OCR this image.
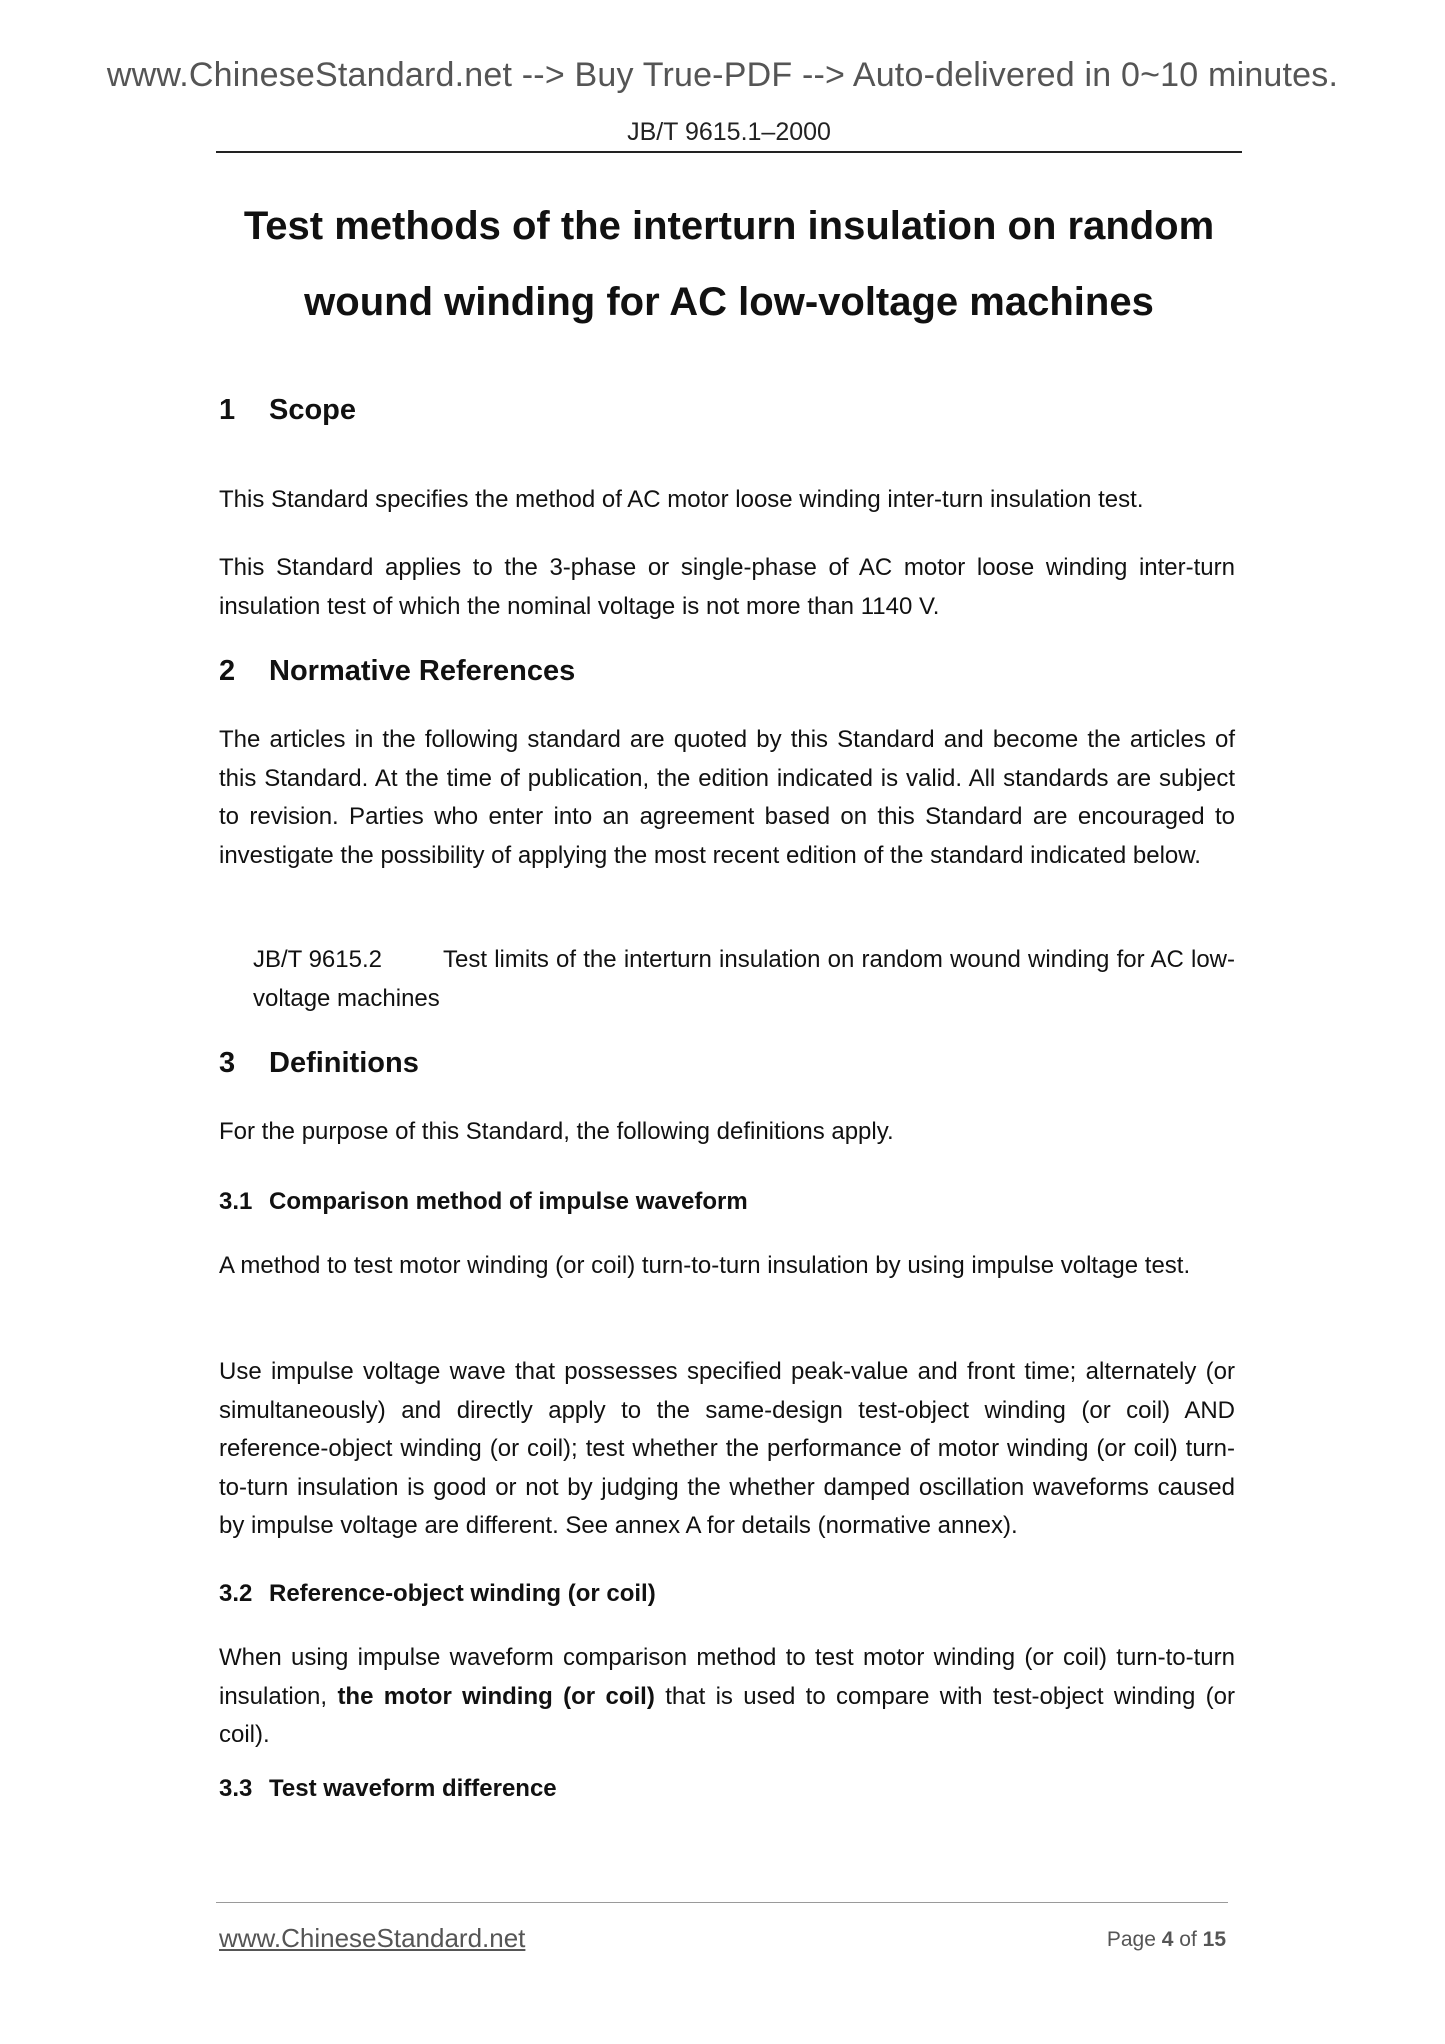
www.ChineseStandard.net --> Buy True-PDF --> Auto-delivered in 0~10 minutes.
JB/T 9615.1–2000
Test methods of the interturn insulation on random
wound winding for AC low-voltage machines
1 Scope
This Standard specifies the method of AC motor loose winding inter-turn insulation test.
This Standard applies to the 3-phase or single-phase of AC motor loose winding inter-turn insulation test of which the nominal voltage is not more than 1140 V.
2 Normative References
The articles in the following standard are quoted by this Standard and become the articles of this Standard. At the time of publication, the edition indicated is valid. All standards are subject to revision. Parties who enter into an agreement based on this Standard are encouraged to investigate the possibility of applying the most recent edition of the standard indicated below.
JB/T 9615.2	Test limits of the interturn insulation on random wound winding for AC low-voltage machines
3 Definitions
For the purpose of this Standard, the following definitions apply.
3.1 Comparison method of impulse waveform
A method to test motor winding (or coil) turn-to-turn insulation by using impulse voltage test.
Use impulse voltage wave that possesses specified peak-value and front time; alternately (or simultaneously) and directly apply to the same-design test-object winding (or coil) AND reference-object winding (or coil); test whether the performance of motor winding (or coil) turn-to-turn insulation is good or not by judging the whether damped oscillation waveforms caused by impulse voltage are different. See annex A for details (normative annex).
3.2 Reference-object winding (or coil)
When using impulse waveform comparison method to test motor winding (or coil) turn-to-turn insulation, the motor winding (or coil) that is used to compare with test-object winding (or coil).
3.3 Test waveform difference
www.ChineseStandard.net	Page 4 of 15
